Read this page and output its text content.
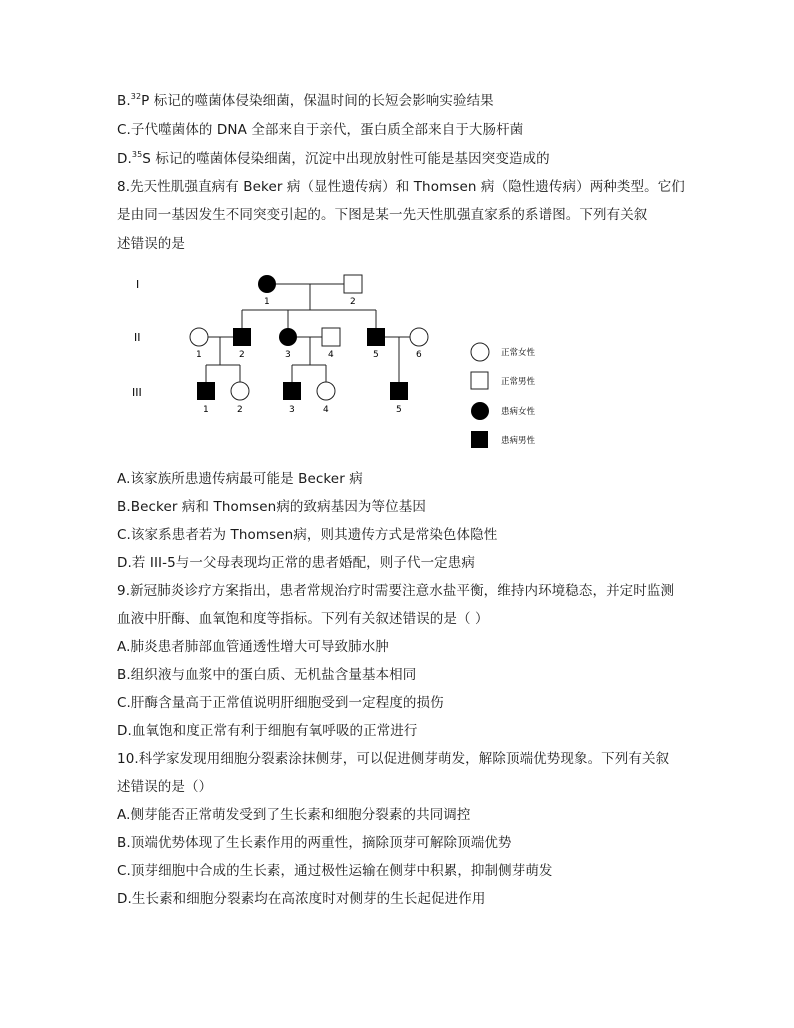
B.$^{32}$P 标记的噬菌体侵染细菌，保温时间的长短会影响实验结果
C.子代噬菌体的 DNA 全部来自于亲代，蛋白质全部来自于大肠杆菌
D.$^{35}$S 标记的噬菌体侵染细菌，沉淀中出现放射性可能是基因突变造成的
8.先天性肌强直病有 Beker 病（显性遗传病）和 Thomsen 病（隐性遗传病）两种类型。它们
是由同一基因发生不同突变引起的。下图是某一先天性肌强直家系的系谱图。下列有关叙
述错误的是
I
II
III
1	2
1	2	3	4	5	6
1	2	3	4	5
正常女性
正常男性
患病女性
患病男性
A.该家族所患遗传病最可能是 Becker 病
B.Becker 病和 Thomsen病的致病基因为等位基因
C.该家系患者若为 Thomsen病，则其遗传方式是常染色体隐性
D.若 III-5与一父母表现均正常的患者婚配，则子代一定患病
9.新冠肺炎诊疗方案指出，患者常规治疗时需要注意水盐平衡，维持内环境稳态，并定时监测
血液中肝酶、血氧饱和度等指标。下列有关叙述错误的是（ ）
A.肺炎患者肺部血管通透性增大可导致肺水肿
B.组织液与血浆中的蛋白质、无机盐含量基本相同
C.肝酶含量高于正常值说明肝细胞受到一定程度的损伤
D.血氧饱和度正常有利于细胞有氧呼吸的正常进行
10.科学家发现用细胞分裂素涂抹侧芽，可以促进侧芽萌发，解除顶端优势现象。下列有关叙
述错误的是（）
A.侧芽能否正常萌发受到了生长素和细胞分裂素的共同调控
B.顶端优势体现了生长素作用的两重性，摘除顶芽可解除顶端优势
C.顶芽细胞中合成的生长素，通过极性运输在侧芽中积累，抑制侧芽萌发
D.生长素和细胞分裂素均在高浓度时对侧芽的生长起促进作用
